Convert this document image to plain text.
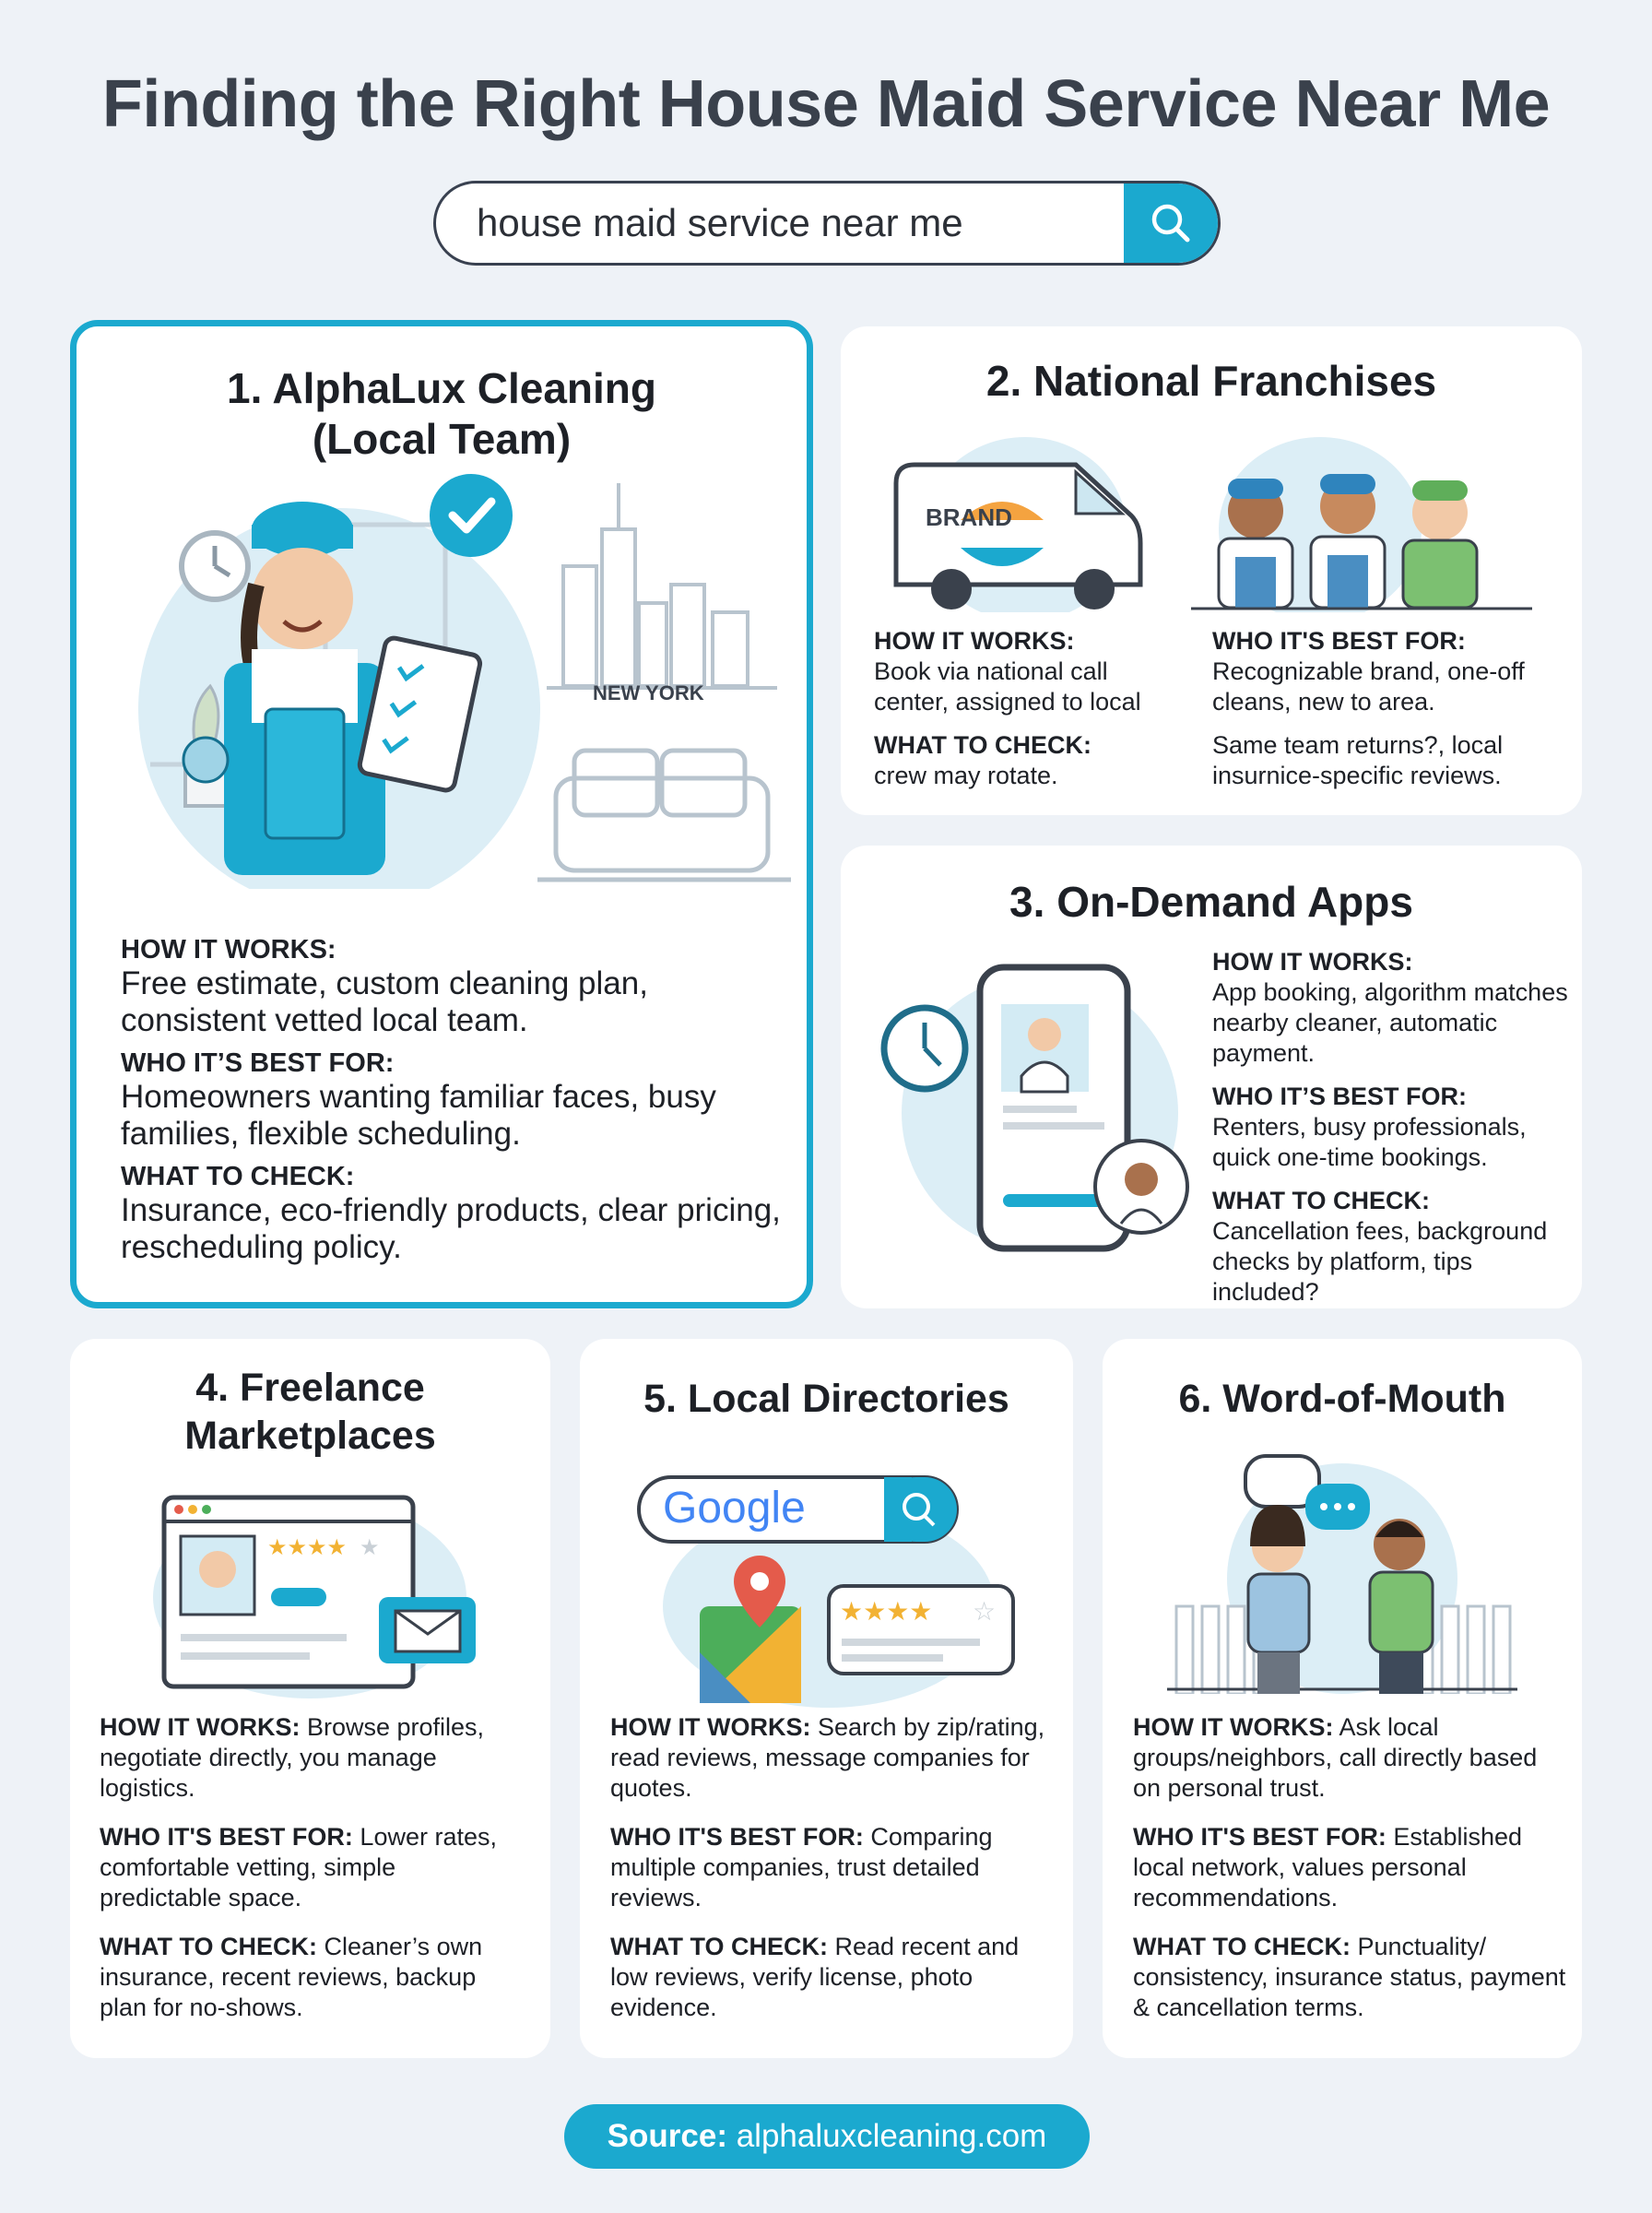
Finding the Right House Maid Service Near Me
house maid service near me
1. AlphaLux Cleaning
(Local Team)
NEW YORK
HOW IT WORKS:
Free estimate, custom cleaning plan, consistent vetted local team.
WHO IT’S BEST FOR:
Homeowners wanting familiar faces, busy families, flexible scheduling.
WHAT TO CHECK:
Insurance, eco-friendly products, clear pricing, rescheduling policy.
2. National Franchises
BRAND
HOW IT WORKS:
Book via national call center, assigned to local
WHAT TO CHECK:
crew may rotate.
WHO IT'S BEST FOR:
Recognizable brand, one-off cleans, new to area.
Same team returns?, local insurnice-specific reviews.
3. On-Demand Apps
HOW IT WORKS:
App booking, algorithm matches nearby cleaner, automatic payment.
WHO IT’S BEST FOR:
Renters, busy professionals, quick one-time bookings.
WHAT TO CHECK: Cancellation fees, background checks by platform, tips included?
4. Freelance
Marketplaces
★★★★ ★
HOW IT WORKS: Browse profiles, negotiate directly, you manage logistics.
WHO IT'S BEST FOR: Lower rates, comfortable vetting, simple predictable space.
WHAT TO CHECK: Cleaner’s own insurance, recent reviews, backup plan for no-shows.
5. Local Directories
★★★★ ☆
Google
HOW IT WORKS: Search by zip/rating, read reviews, message companies for quotes.
WHO IT'S BEST FOR: Comparing multiple companies, trust detailed reviews.
WHAT TO CHECK: Read recent and low reviews, verify license, photo evidence.
6. Word-of-Mouth
HOW IT WORKS: Ask local groups/neighbors, call directly based on personal trust.
WHO IT'S BEST FOR: Established local network, values personal recommendations.
WHAT TO CHECK: Punctuality/ consistency, insurance status, payment & cancellation terms.
Source: alphaluxcleaning.com
